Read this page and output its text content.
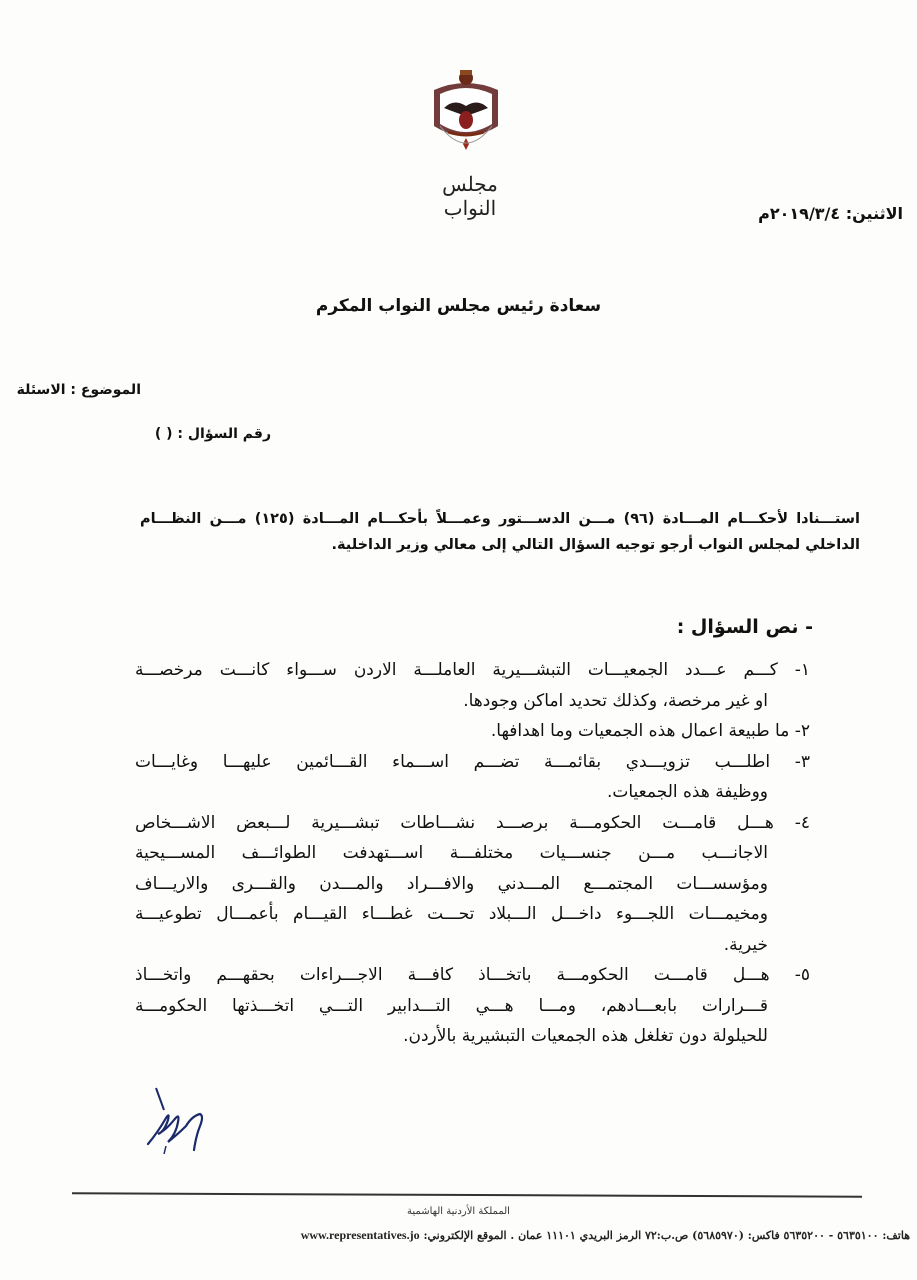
مجلس النواب	الاثنين: ٢٠١٩/٣/٤م
سعادة رئيس مجلس النواب المكرم
الموضوع : الاسئلة
رقم السؤال : ( )
استـــنادا لأحكـــام المـــادة (٩٦) مـــن الدســـتور وعمـــلاً بأحكـــام المـــادة (١٢٥) مـــن النظـــام
الداخلي لمجلس النواب أرجو توجيه السؤال التالي إلى معالي وزير الداخلية.
- نص السؤال :
١- كـــم عـــدد الجمعيـــات التبشـــيرية العاملـــة الاردن ســـواء كانـــت مرخصـــة
او غير مرخصة، وكذلك تحديد اماكن وجودها.
٢- ما طبيعة اعمال هذه الجمعيات وما اهدافها.
٣- اطلـــب تزويـــدي بقائمـــة تضـــم اســـماء القـــائمين عليهـــا وغايـــات
ووظيفة هذه الجمعيات.
٤- هـــل قامـــت الحكومـــة برصـــد نشـــاطات تبشـــيرية لـــبعض الاشـــخاص
الاجانـــب مـــن جنســـيات مختلفـــة اســـتهدفت الطوائـــف المســـيحية
ومؤسســـات المجتمـــع المـــدني والافـــراد والمـــدن والقـــرى والاريـــاف
ومخيمـــات اللجـــوء داخـــل الـــبلاد تحـــت غطـــاء القيـــام بأعمـــال تطوعيـــة
خيرية.
٥- هـــل قامـــت الحكومـــة باتخـــاذ كافـــة الاجـــراءات بحقهـــم واتخـــاذ
قـــرارات بابعـــادهم، ومـــا هـــي التـــدابير التـــي اتخـــذتها الحكومـــة
للحيلولة دون تغلغل هذه الجمعيات التبشيرية بالأردن.
المملكة الأردنية الهاشمية
هاتف: ٥٦٣٥١٠٠ - ٥٦٣٥٢٠٠ فاكس: (٥٦٨٥٩٧٠) ص.ب:٧٢ الرمز البريدي ١١١٠١ عمان . الموقع الإلكتروني: www.representatives.jo
